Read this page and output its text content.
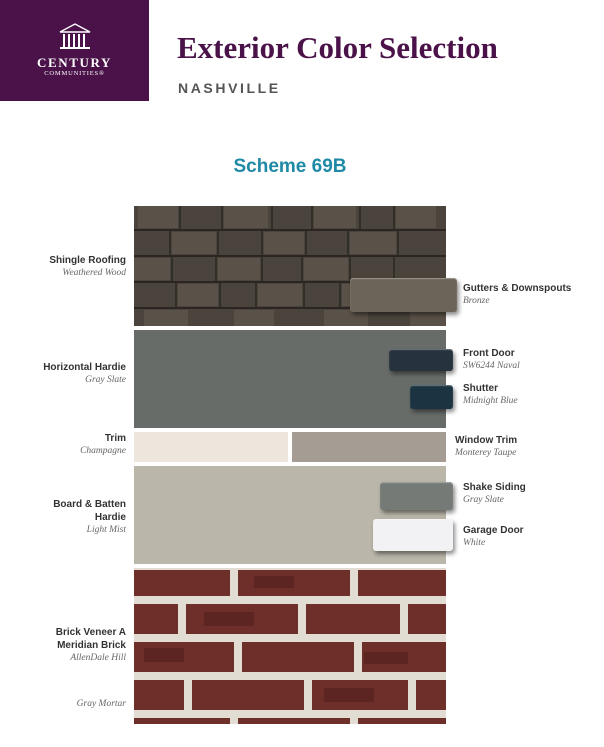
CENTURY
COMMUNITIES®
Exterior Color Selection
NASHVILLE
Scheme 69B
Shingle Roofing
Weathered Wood
Horizontal Hardie
Gray Slate
Trim
Champagne
Board & Batten
Hardie
Light Mist
Brick Veneer A
Meridian Brick
AllenDale Hill
Gray Mortar
Gutters & Downspouts
Bronze
Front Door
SW6244 Naval
Shutter
Midnight Blue
Window Trim
Monterey Taupe
Shake Siding
Gray Slate
Garage Door
White
